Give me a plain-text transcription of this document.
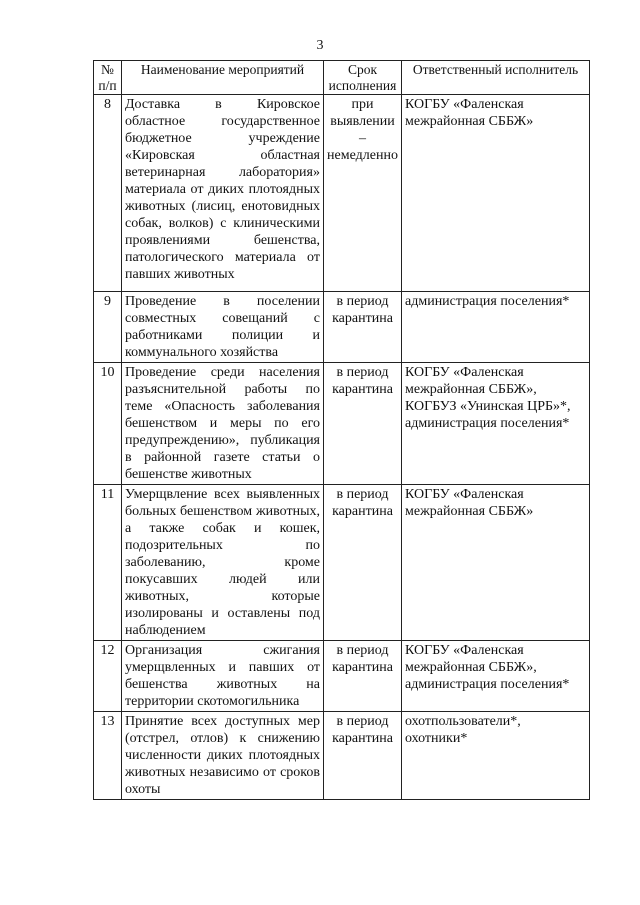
3
№ п/п	Наименование мероприятий	Срок исполнения	Ответственный исполнитель
8	Доставка в Кировское областное государственное бюджетное учреждение «Кировская областная ветеринарная лаборатория» материала от диких плотоядных животных (лисиц, енотовидных собак, волков) с клиническими проявлениями бешенства, патологического материала от павших животных	при выявлении – немедленно	КОГБУ «Фаленская межрайонная СББЖ»
9	Проведение в поселении совместных совещаний с работниками полиции и коммунального хозяйства	в период карантина	администрация поселения*
10	Проведение среди населения разъяснительной работы по теме «Опасность заболевания бешенством и меры по его предупреждению», публикация в районной газете статьи о бешенстве животных	в период карантина	КОГБУ «Фаленская межрайонная СББЖ», КОГБУЗ «Унинская ЦРБ»*, администрация поселения*
11	Умерщвление всех выявленных больных бешенством животных, а также собак и кошек, подозрительных по заболеванию, кроме покусавших людей или животных, которые изолированы и оставлены под наблюдением	в период карантина	КОГБУ «Фаленская межрайонная СББЖ»
12	Организация сжигания умерщвленных и павших от бешенства животных на территории скотомогильника	в период карантина	КОГБУ «Фаленская межрайонная СББЖ», администрация поселения*
13	Принятие всех доступных мер (отстрел, отлов) к снижению численности диких плотоядных животных независимо от сроков охоты	в период карантина	охотпользователи*, охотники*
